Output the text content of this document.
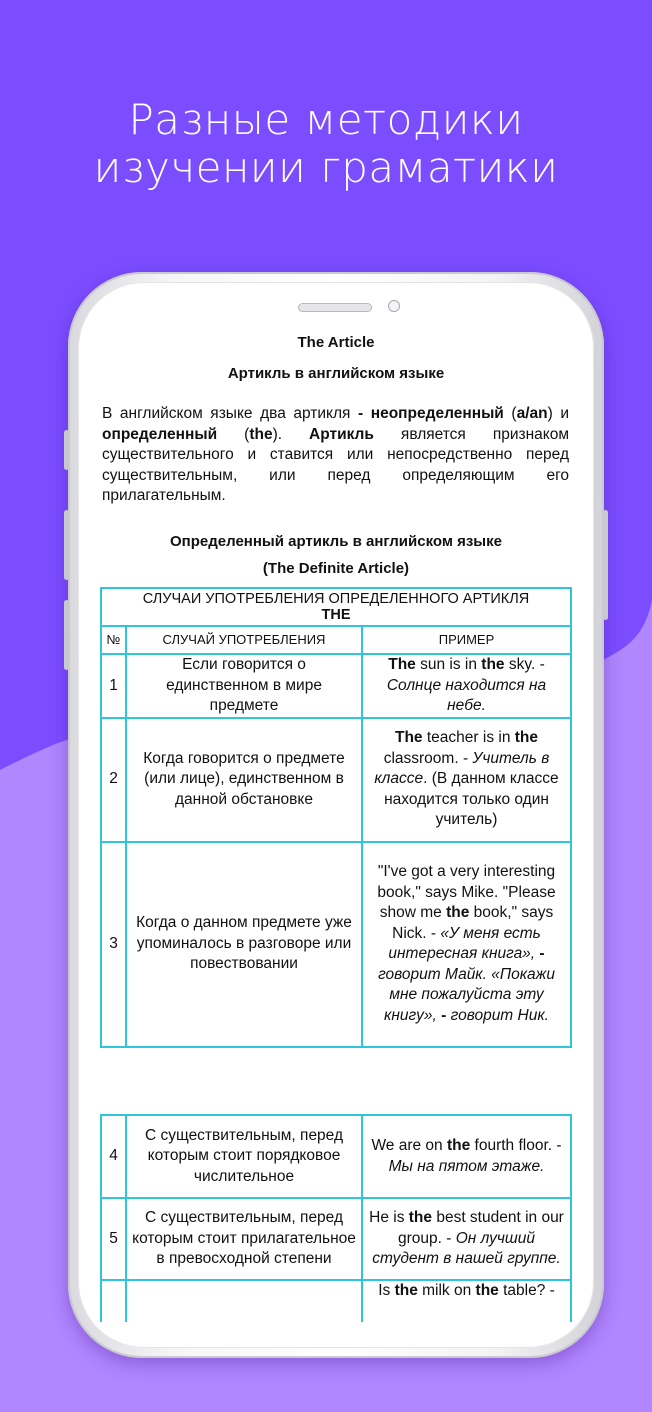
Разные методики
изучении граматики
The Article
Артикль в английском языке
В английском языке два артикля - неопределенный (a/an) и определенный (the). Артикль является признаком существительного и ставится или непосредственно перед существительным, или перед определяющим его прилагательным.
Определенный артикль в английском языке
(The Definite Article)
СЛУЧАИ УПОТРЕБЛЕНИЯ ОПРЕДЕЛЕННОГО АРТИКЛЯ
THE		

№	СЛУЧАЙ УПОТРЕБЛЕНИЯ	ПРИМЕР
1	Если говорится о единственном в мире предмете	The sun is in the sky. - Солнце находится на небе.
2	Когда говорится о предмете (или лице), единственном в данной обстановке	The teacher is in the classroom. - Учитель в классе. (В данном классе находится только один учитель)
3	Когда о данном предмете уже упоминалось в разговоре или повествовании	"I've got a very interesting book," says Mike. "Please show me the book," says Nick. - «У меня есть интересная книга», - говорит Майк. «Покажи мне пожалуйста эту книгу», - говорит Ник.
4	С существительным, перед которым стоит порядковое числительное	We are on the fourth floor. - Мы на пятом этаже.
5	С существительным, перед которым стоит прилагательное в превосходной степени	He is the best student in our group. - Он лучший студент в нашей группе.
		Is the milk on the table? -
